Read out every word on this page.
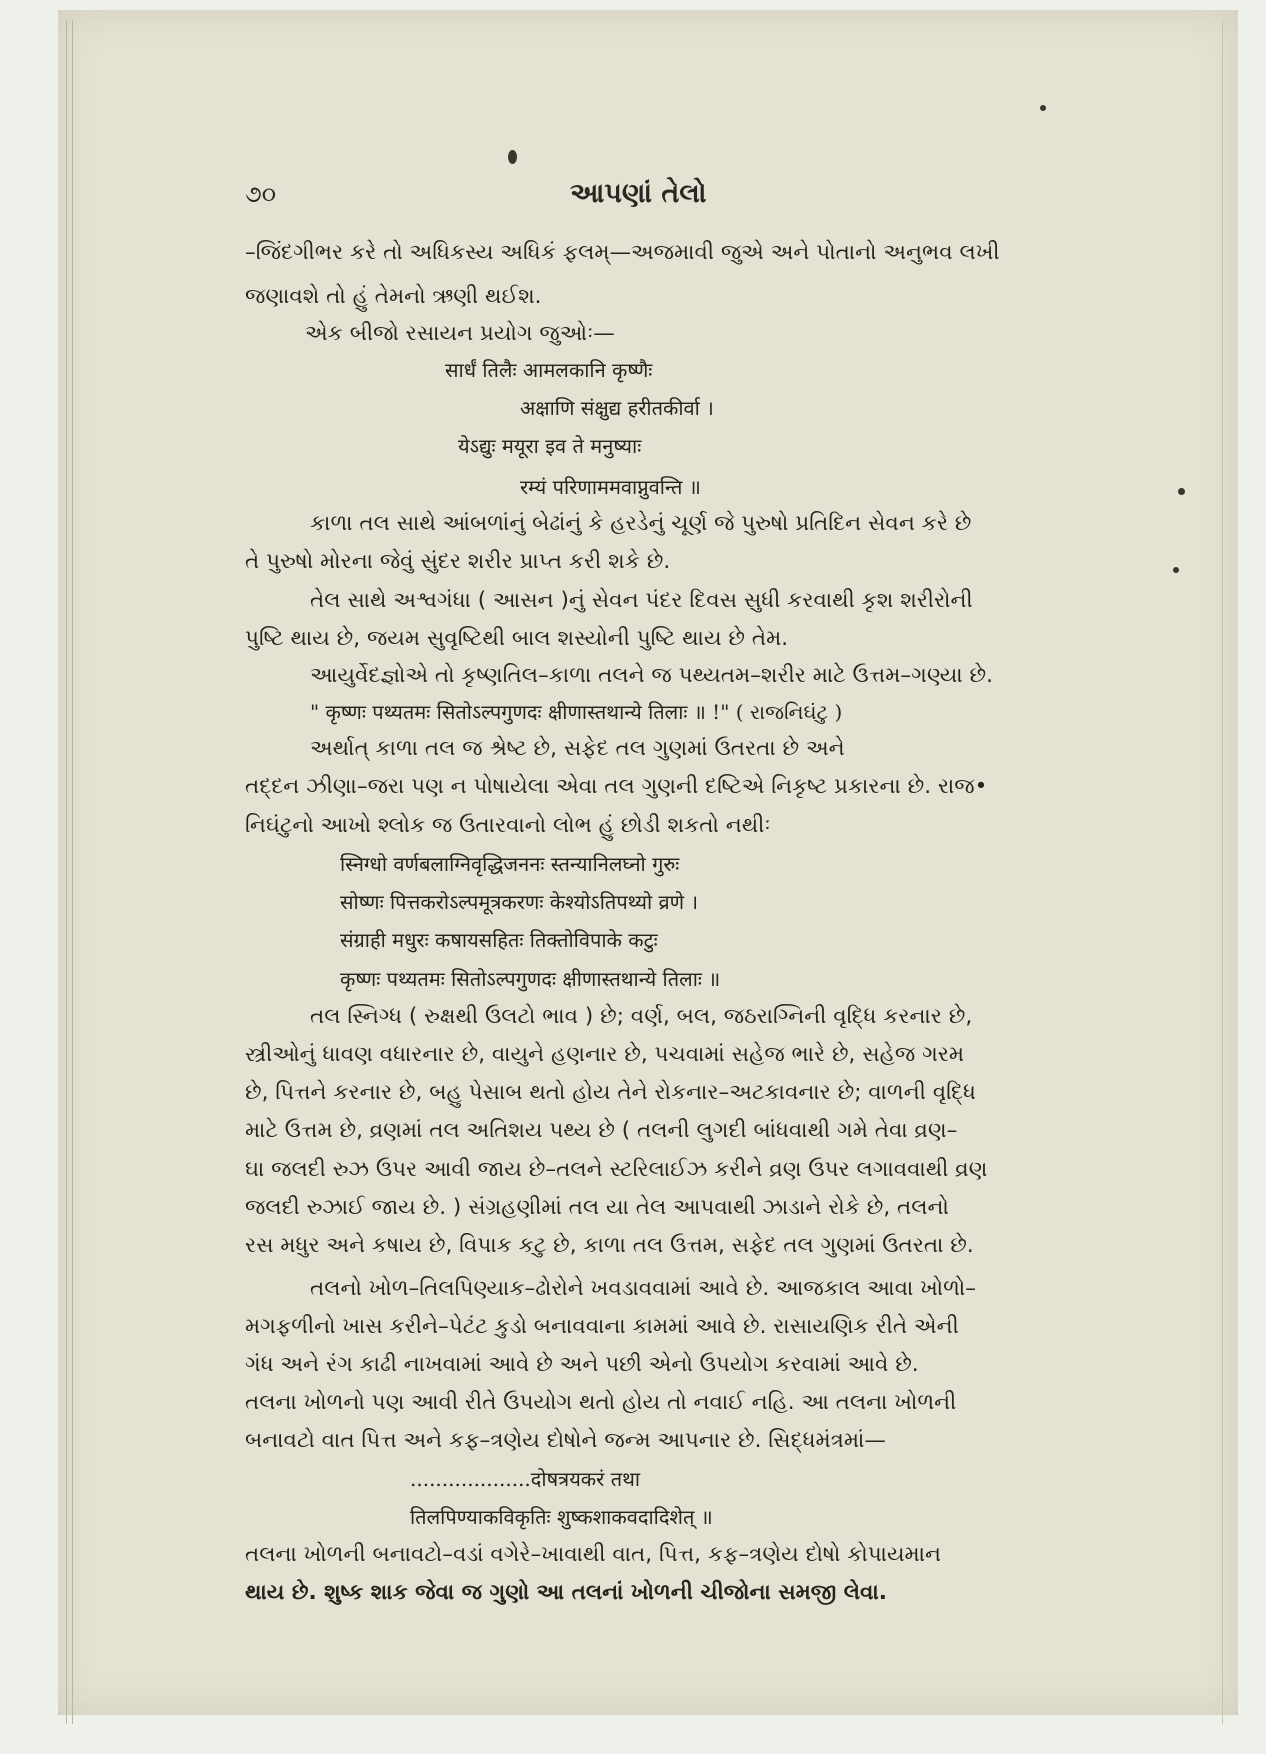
૭૦	આપણાં તેલો

–જિંદગીભર કરે તો અધિકસ્ય અધિકં ફલમ્—અજમાવી જુએ અને પોતાનો અનુભવ લખી

જણાવશે તો હું તેમનો ઋણી થઈશ.

એક બીજો રસાયન પ્રયોગ જુઓઃ—

सार्धं तिलैः आमलकानि कृष्णैः

अक्षाणि संक्षुद्य हरीतकीर्वा ।

येऽद्युः मयूरा इव ते मनुष्याः

रम्यं परिणाममवाप्नुवन्ति ॥

કાળા તલ સાથે આંબળાંનું બેઢાંનું કે હરડેનું ચૂર્ણ જે પુરુષો પ્રતિદિન સેવન કરે છે

તે પુરુષો મોરના જેવું સુંદર શરીર પ્રાપ્ત કરી શકે છે.

તેલ સાથે અશ્વગંધા ( આસન )નું સેવન પંદર દિવસ સુધી કરવાથી કૃશ શરીરોની

પુષ્ટિ થાય છે, જયમ સુવૃષ્ટિથી બાલ શસ્યોની પુષ્ટિ થાય છે તેમ.

આયુર્વેદજ્ઞોએ તો કૃષ્ણતિલ–કાળા તલને જ પથ્યતમ–શરીર માટે ઉત્તમ–ગણ્યા છે.

" कृष्णः पथ्यतमः सितोऽल्पगुणदः क्षीणास्तथान्ये तिलाः ॥ !" ( રાજનિઘંટુ )

અર્થાત્ કાળા તલ જ શ્રેષ્ટ છે, સફેદ તલ ગુણમાં ઉતરતા છે અને

તદ્દન ઝીણા–જરા પણ ન પોષાયેલા એવા તલ ગુણની દષ્ટિએ નિકૃષ્ટ પ્રકારના છે. રાજ•

નિઘંટુનો આખો શ્લોક જ ઉતારવાનો લોભ હું છોડી શકતો નથીઃ

स्निग्धो वर्णबलाग्निवृद्धिजननः स्तन्यानिलघ्नो गुरुः

सोष्णः पित्तकरोऽल्पमूत्रकरणः केश्योऽतिपथ्यो व्रणे ।

संग्राही मधुरः कषायसहितः तिक्तोविपाके कटुः

कृष्णः पथ्यतमः सितोऽल्पगुणदः क्षीणास्तथान्ये तिलाः ॥

તલ સ્નિગ્ધ ( રુક્ષથી ઉલટો ભાવ ) છે; વર્ણ, બલ, જઠરાગ્નિની વૃદ્ધિ કરનાર છે,

સ્ત્રીઓનું ધાવણ વધારનાર છે, વાયુને હણનાર છે, પચવામાં સહેજ ભારે છે, સહેજ ગરમ

છે, પિત્તને કરનાર છે, બહુ પેસાબ થતો હોય તેને રોકનાર–અટકાવનાર છે; વાળની વૃદ્ધિ

માટે ઉત્તમ છે, વ્રણમાં તલ અતિશય પથ્ય છે ( તલની લુગદી બાંધવાથી ગમે તેવા વ્રણ–

ઘા જલદી રુઝ ઉપર આવી જાય છે–તલને સ્ટરિલાઈઝ કરીને વ્રણ ઉપર લગાવવાથી વ્રણ

જલદી રુઝાઈ જાય છે. ) સંગ્રહણીમાં તલ યા તેલ આપવાથી ઝાડાને રોકે છે, તલનો

રસ મધુર અને કષાય છે, વિપાક કટુ છે, કાળા તલ ઉત્તમ, સફેદ તલ ગુણમાં ઉતરતા છે.

તલનો ખોળ–તિલપિણ્યાક–ઢોરોને ખવડાવવામાં આવે છે. આજકાલ આવા ખોળો–

મગફળીનો ખાસ કરીને–પેટંટ કુડો બનાવવાના કામમાં આવે છે. રાસાયણિક રીતે એની

ગંધ અને રંગ કાઢી નાખવામાં આવે છે અને પછી એનો ઉપયોગ કરવામાં આવે છે.

તલના ખોળનો પણ આવી રીતે ઉપયોગ થતો હોય તો નવાઈ નહિ. આ તલના ખોળની

બનાવટો વાત પિત્ત અને કફ–ત્રણેય દોષોને જન્મ આપનાર છે. સિદ્ધમંત્રમાં—

...................दोषत्रयकरं तथा

तिलपिण्याकविकृतिः शुष्कशाकवदादिशेत् ॥

તલના ખોળની બનાવટો–વડાં વગેરે–ખાવાથી વાત, પિત્ત, કફ–ત્રણેય દોષો કોપાયમાન

થાય છે. શુષ્ક શાક જેવા જ ગુણો આ તલનાં ખોળની ચીજોના સમજી લેવા.
